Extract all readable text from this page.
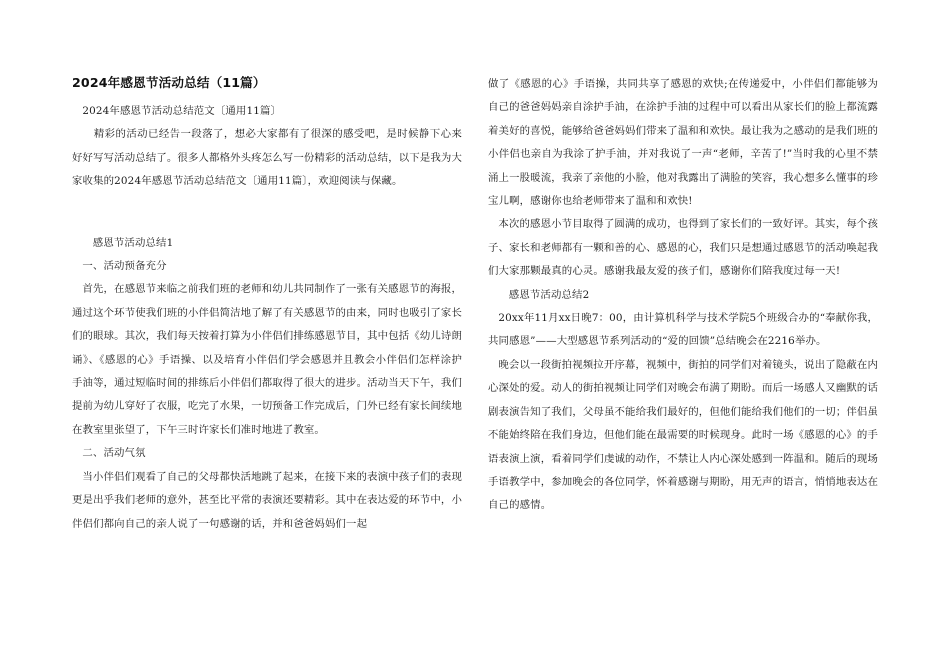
2024年感恩节活动总结（11篇）

2024年感恩节活动总结范文〔通用11篇〕

精彩的活动已经告一段落了，想必大家都有了很深的感受吧，是时候静下心来好好写写活动总结了。很多人都格外头疼怎么写一份精彩的活动总结，以下是我为大家收集的2024年感恩节活动总结范文〔通用11篇〕，欢迎阅读与保藏。

感恩节活动总结1

一、活动预备充分

首先，在感恩节来临之前我们班的老师和幼儿共同制作了一张有关感恩节的海报，通过这个环节使我们班的小伴侣简洁地了解了有关感恩节的由来，同时也吸引了家长们的眼球。其次，我们每天按着打算为小伴侣们排练感恩节目，其中包括《幼儿诗朗诵》、《感恩的心》手语操、以及培育小伴侣们学会感恩并且教会小伴侣们怎样涂护手油等，通过短临时间的排练后小伴侣们都取得了很大的进步。活动当天下午，我们提前为幼儿穿好了衣服，吃完了水果，一切预备工作完成后，门外已经有家长间续地在教室里张望了，下午三时许家长们准时地进了教室。

二、活动气氛

当小伴侣们观看了自己的父母都快活地跳了起来，在接下来的表演中孩子们的表现更是出乎我们老师的意外，甚至比平常的表演还要精彩。其中在表达爱的环节中，小伴侣们都向自己的亲人说了一句感谢的话，并和爸爸妈妈们一起

做了《感恩的心》手语操，共同共享了感恩的欢快;在传递爱中，小伴侣们都能够为自己的爸爸妈妈亲自涂护手油，在涂护手油的过程中可以看出从家长们的脸上都流露着美好的喜悦，能够给爸爸妈妈们带来了温和和欢快。最让我为之感动的是我们班的小伴侣也亲自为我涂了护手油，并对我说了一声“老师，辛苦了!”当时我的心里不禁涌上一股暖流，我亲了亲他的小脸，他对我露出了满脸的笑容，我心想多么懂事的珍宝儿啊，感谢你也给老师带来了温和和欢快!

本次的感恩小节目取得了圆满的成功，也得到了家长们的一致好评。其实，每个孩子、家长和老师都有一颗和善的心、感恩的心，我们只是想通过感恩节的活动唤起我们大家那颗最真的心灵。感谢我最友爱的孩子们，感谢你们陪我度过每一天!

感恩节活动总结2

20xx年11月xx日晚7：00，由计算机科学与技术学院5个班级合办的“奉献你我，共同感恩”——大型感恩节系列活动的“爱的回馈”总结晚会在2216举办。

晚会以一段街拍视频拉开序幕，视频中，街拍的同学们对着镜头，说出了隐蔽在内心深处的爱。动人的街拍视频让同学们对晚会布满了期盼。而后一场感人又幽默的话剧表演告知了我们，父母虽不能给我们最好的，但他们能给我们他们的一切；伴侣虽不能始终陪在我们身边，但他们能在最需要的时候现身。此时一场《感恩的心》的手语表演上演，看着同学们虔诚的动作，不禁让人内心深处感到一阵温和。随后的现场手语教学中，参加晚会的各位同学，怀着感谢与期盼，用无声的语言，悄悄地表达在自己的感情。
